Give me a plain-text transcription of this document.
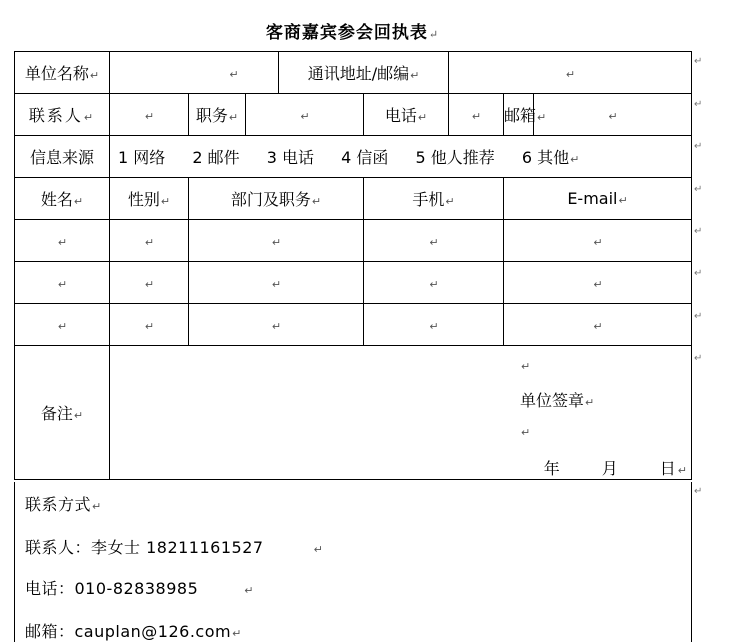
客商嘉宾参会回执表↵
单位名称↵	↵			通讯地址/邮编↵		↵		
联系人↵	↵	职务↵	↵		电话↵	↵	邮箱↵	↵
信息来源	1 网络 2 邮件 3 电话 4 信函 5 他人推荐 6 其他↵							
姓名↵	性别↵	部门及职务↵			手机↵		E-mail↵	
↵	↵	↵			↵		↵	
↵	↵	↵			↵		↵	
↵	↵	↵			↵		↵	
备注↵	↵
单位签章↵
↵
年 月 日↵							
联系方式↵
联系人：李女士 18211161527	↵
电话：010-82838985	↵
邮箱：cauplan@126.com↵
↵
↵
↵
↵
↵
↵
↵
↵
↵
